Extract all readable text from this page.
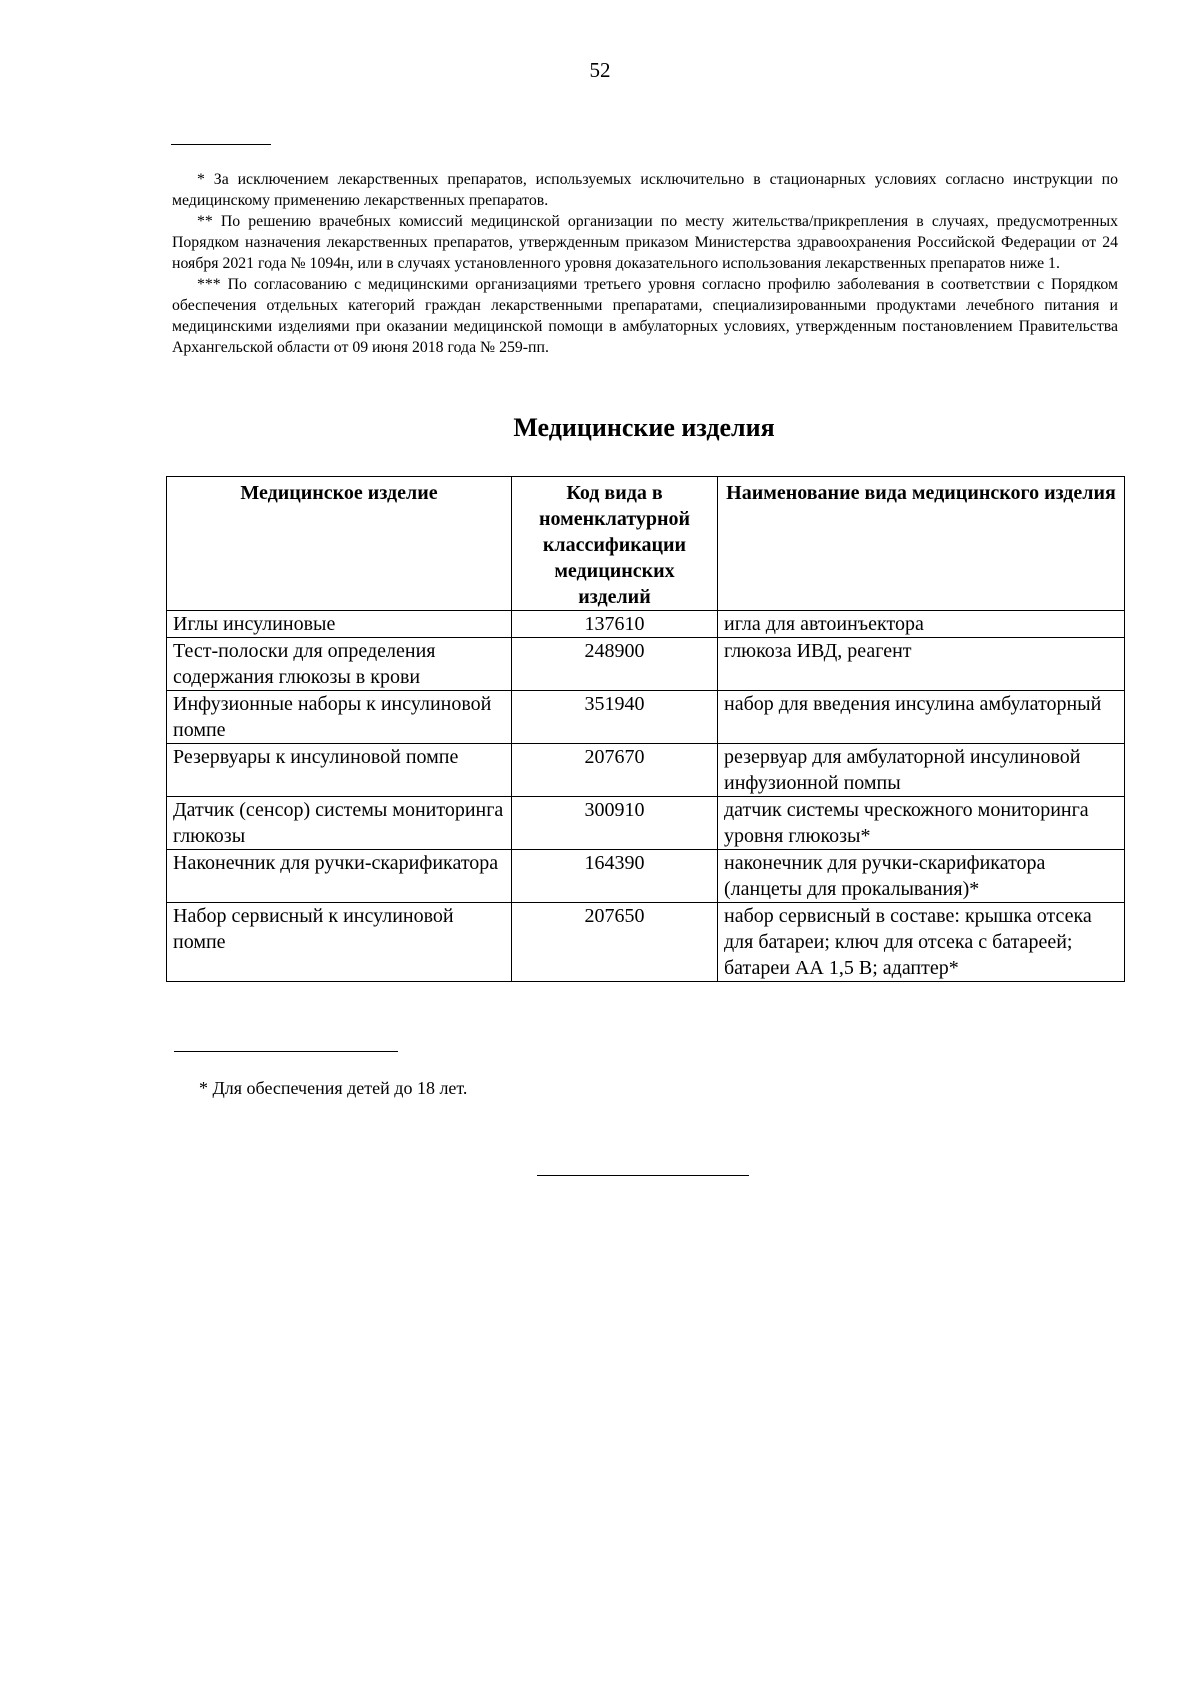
52

* За исключением лекарственных препаратов, используемых исключительно в стационарных условиях согласно инструкции по медицинскому применению лекарственных препаратов.

** По решению врачебных комиссий медицинской организации по месту жительства/прикрепления в случаях, предусмотренных Порядком назначения лекарственных препаратов, утвержденным приказом Министерства здравоохранения Российской Федерации от 24 ноября 2021 года № 1094н, или в случаях установленного уровня доказательного использования лекарственных препаратов ниже 1.

*** По согласованию с медицинскими организациями третьего уровня согласно профилю заболевания в соответствии с Порядком обеспечения отдельных категорий граждан лекарственными препаратами, специализированными продуктами лечебного питания и медицинскими изделиями при оказании медицинской помощи в амбулаторных условиях, утвержденным постановлением Правительства Архангельской области от 09 июня 2018 года № 259-пп.

Медицинские изделия
Медицинское изделие	Код вида в номенклатурной классификации медицинских изделий	Наименование вида медицинского изделия
Иглы инсулиновые	137610	игла для автоинъектора
Тест-полоски для определения содержания глюкозы в крови	248900	глюкоза ИВД, реагент
Инфузионные наборы к инсулиновой помпе	351940	набор для введения инсулина амбулаторный
Резервуары к инсулиновой помпе	207670	резервуар для амбулаторной инсулиновой инфузионной помпы
Датчик (сенсор) системы мониторинга глюкозы	300910	датчик системы чрескожного мониторинга уровня глюкозы*
Наконечник для ручки-скарификатора	164390	наконечник для ручки-скарификатора (ланцеты для прокалывания)*
Набор сервисный к инсулиновой помпе	207650	набор сервисный в составе: крышка отсека для батареи; ключ для отсека с батареей; батареи АА 1,5 В; адаптер*
* Для обеспечения детей до 18 лет.
